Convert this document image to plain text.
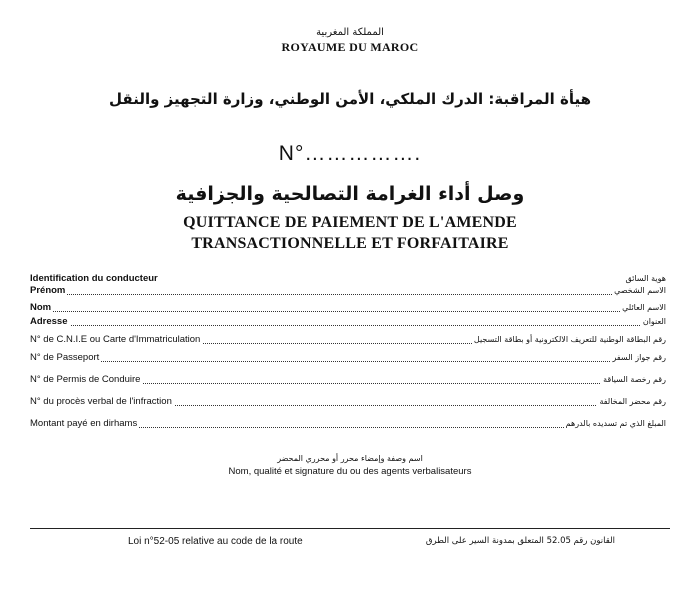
المملكة المغربية
ROYAUME DU MAROC
هيأة المراقبة: الدرك الملكي، الأمن الوطني، وزارة التجهيز والنقل
N°…………….
وصل أداء الغرامة التصالحية والجزافية
QUITTANCE DE PAIEMENT DE L'AMENDE
TRANSACTIONNELLE ET FORFAITAIRE
Identification du conducteur	هوية السائق
Prénom	الاسم الشخصي
Nom	الاسم العائلي
Adresse	العنوان
N° de C.N.I.E ou Carte d'Immatriculation	رقم البطاقة الوطنية للتعريف الالكترونية أو بطاقة التسجيل
N° de Passeport	رقم جواز السفر
N° de Permis de Conduire	رقم رخصة السياقة
N° du procès verbal de l'infraction	رقم محضر المخالفة
Montant payé en dirhams	المبلغ الذي تم تسديده بالدرهم
اسم وصفة وإمضاء محرر أو محرري المحضر
Nom, qualité et signature du ou des agents verbalisateurs
Loi n°52-05 relative au code de la route	القانون رقم 52.05 المتعلق بمدونة السير على الطرق
